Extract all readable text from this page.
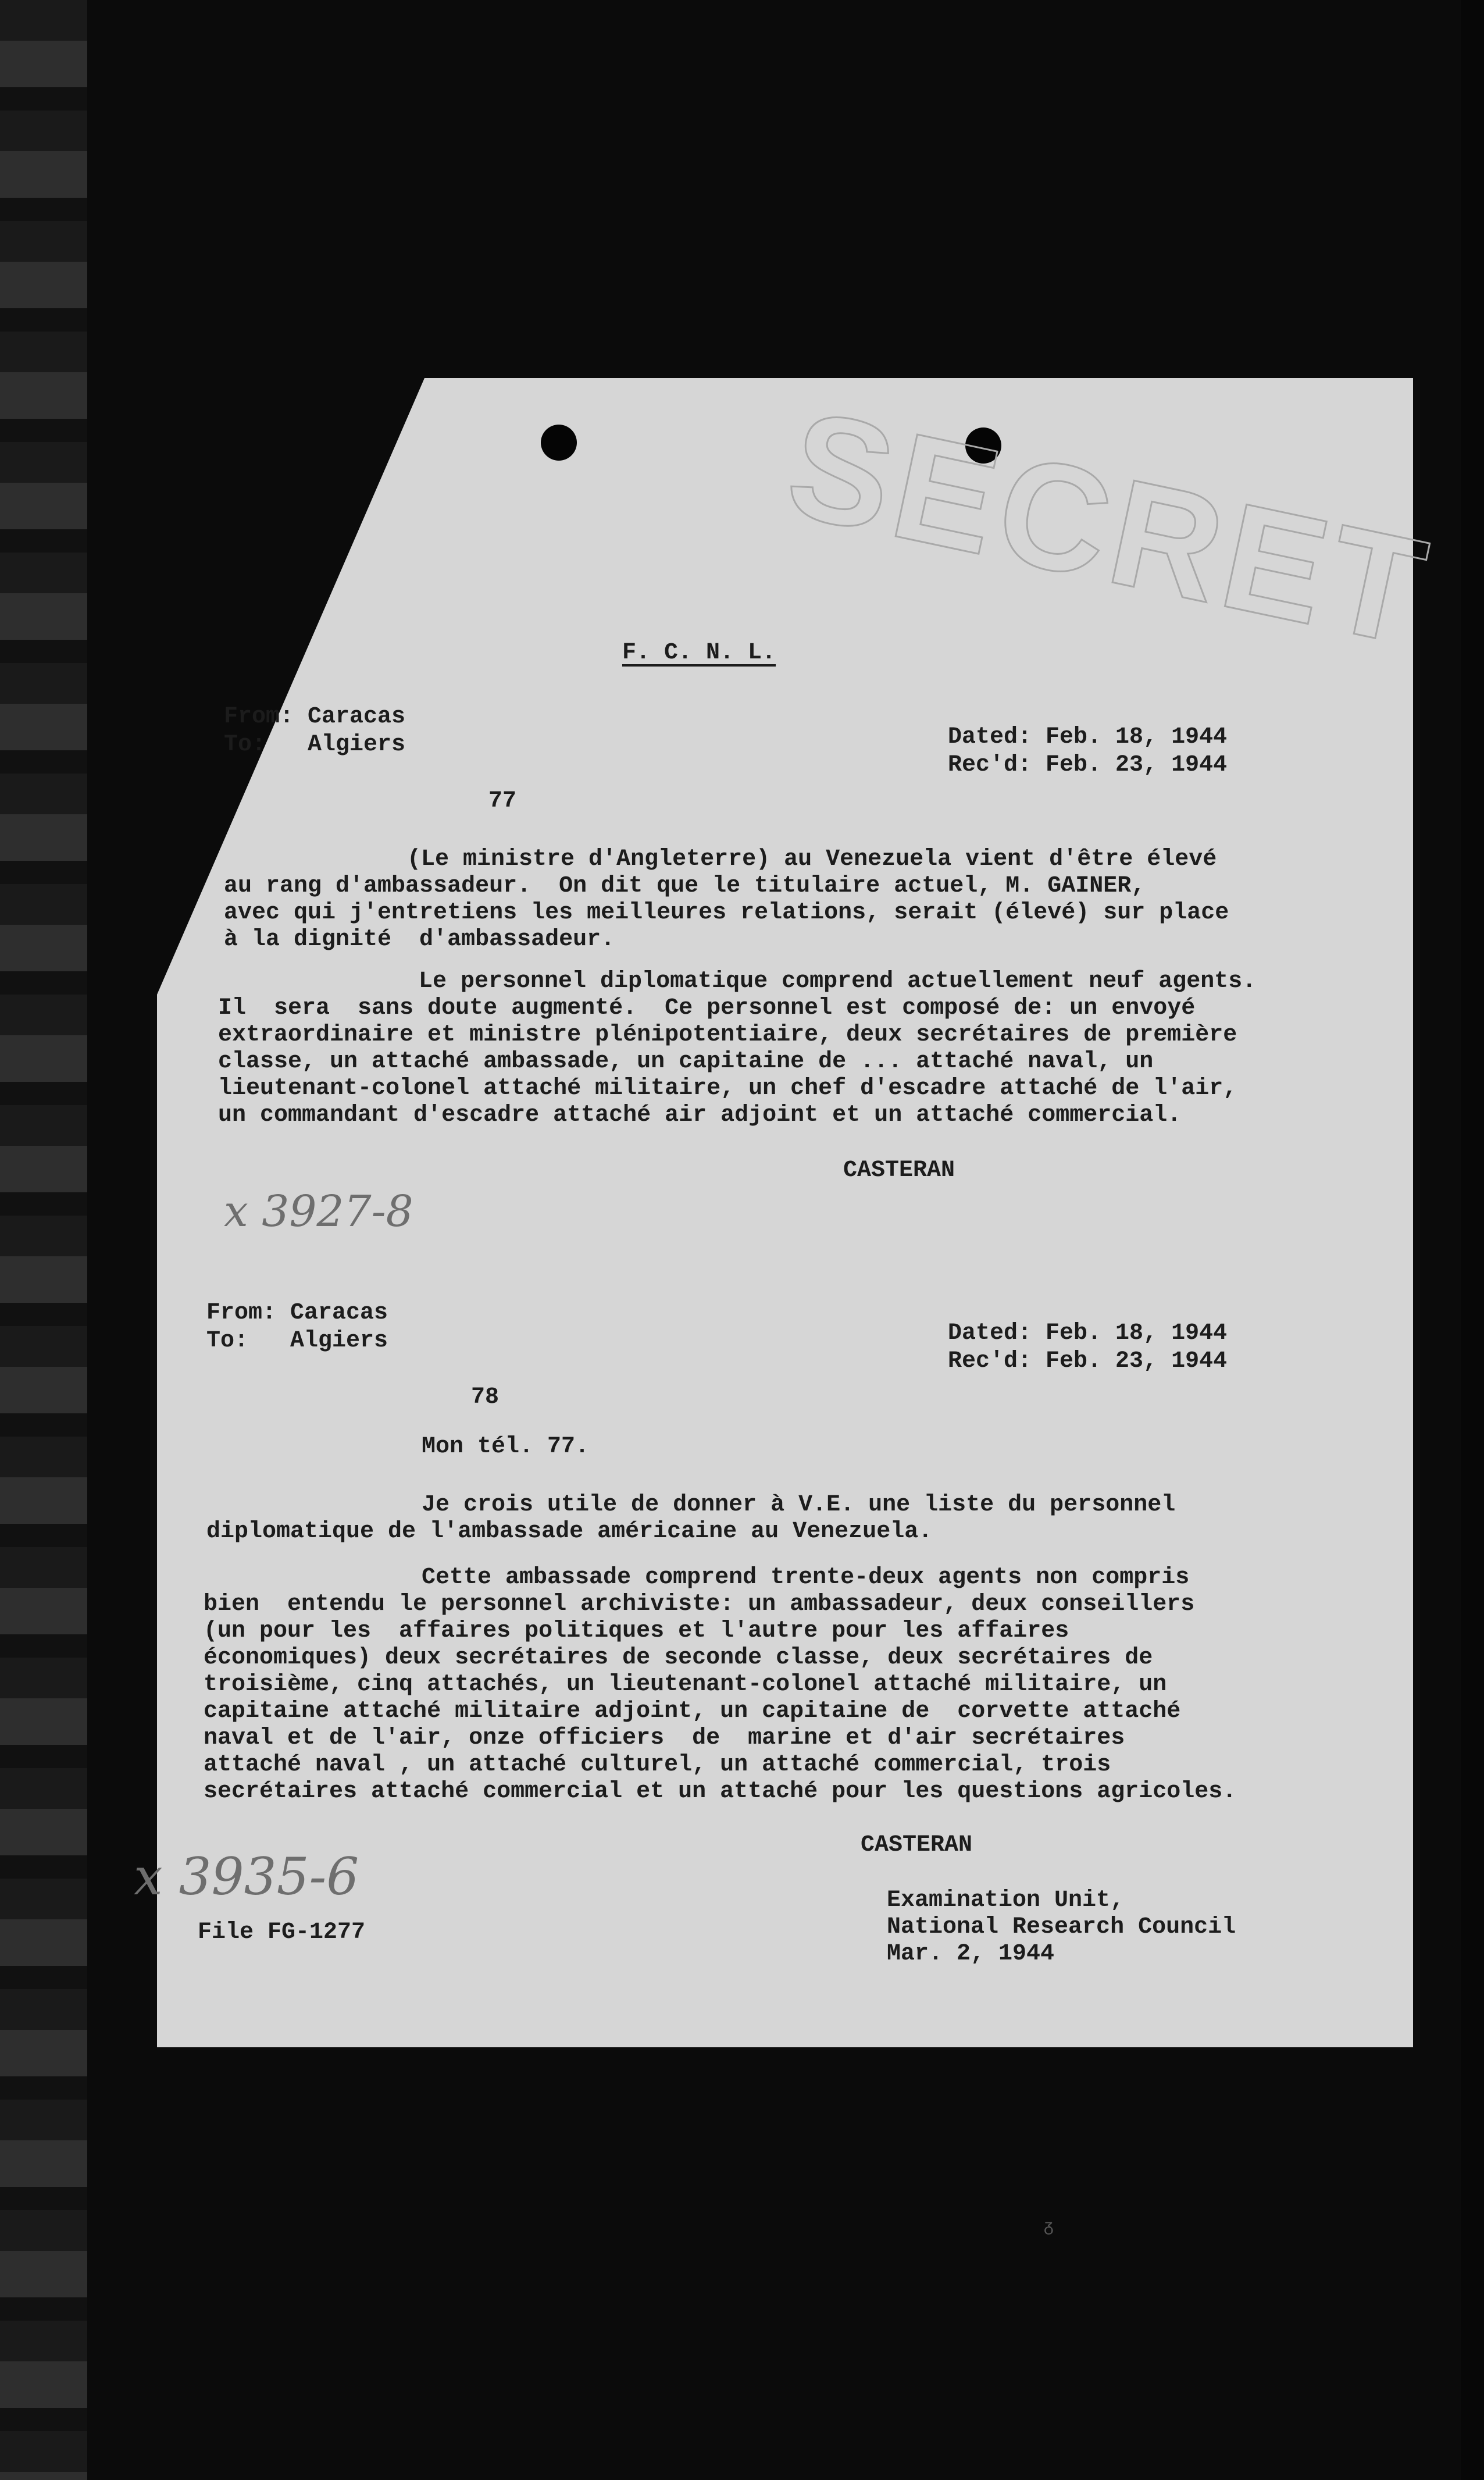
SECRET
F. C. N. L.
From: Caracas
To:   Algiers	Dated: Feb. 18, 1944
Rec'd: Feb. 23, 1944
77
(Le ministre d'Angleterre) au Venezuela vient d'être élevé
au rang d'ambassadeur.  On dit que le titulaire actuel, M. GAINER,
avec qui j'entretiens les meilleures relations, serait (élevé) sur place
à la dignité  d'ambassadeur.
Le personnel diplomatique comprend actuellement neuf agents.
Il  sera  sans doute augmenté.  Ce personnel est composé de: un envoyé
extraordinaire et ministre plénipotentiaire, deux secrétaires de première
classe, un attaché ambassade, un capitaine de ... attaché naval, un
lieutenant-colonel attaché militaire, un chef d'escadre attaché de l'air,
un commandant d'escadre attaché air adjoint et un attaché commercial.
CASTERAN
x 3927-8
From: Caracas
To:   Algiers	Dated: Feb. 18, 1944
Rec'd: Feb. 23, 1944
78
Mon tél. 77.
Je crois utile de donner à V.E. une liste du personnel
diplomatique de l'ambassade américaine au Venezuela.
Cette ambassade comprend trente-deux agents non compris
bien  entendu le personnel archiviste: un ambassadeur, deux conseillers
(un pour les  affaires politiques et l'autre pour les affaires
économiques) deux secrétaires de seconde classe, deux secrétaires de
troisième, cinq attachés, un lieutenant-colonel attaché militaire, un
capitaine attaché militaire adjoint, un capitaine de  corvette attaché
naval et de l'air, onze officiers  de  marine et d'air secrétaires
attaché naval , un attaché culturel, un attaché commercial, trois
secrétaires attaché commercial et un attaché pour les questions agricoles.
CASTERAN
x 3935-6
File FG-1277
Examination Unit,
National Research Council
Mar. 2, 1944
ᵹ
